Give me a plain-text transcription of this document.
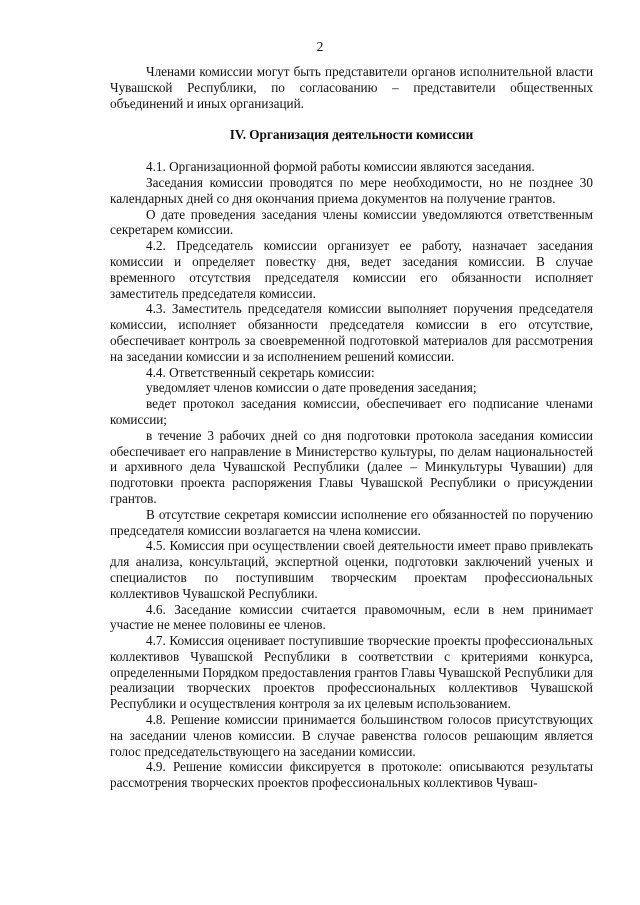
2

Членами комиссии могут быть представители органов исполнительной власти Чувашской Республики, по согласованию – представители общественных объединений и иных организаций.

IV. Организация деятельности комиссии

4.1. Организационной формой работы комиссии являются заседания.

Заседания комиссии проводятся по мере необходимости, но не позднее 30 календарных дней со дня окончания приема документов на получение грантов.

О дате проведения заседания члены комиссии уведомляются ответственным секретарем комиссии.

4.2. Председатель комиссии организует ее работу, назначает заседания комиссии и определяет повестку дня, ведет заседания комиссии. В случае временного отсутствия председателя комиссии его обязанности исполняет заместитель председателя комиссии.

4.3. Заместитель председателя комиссии выполняет поручения председателя комиссии, исполняет обязанности председателя комиссии в его отсутствие, обеспечивает контроль за своевременной подготовкой материалов для рассмотрения на заседании комиссии и за исполнением решений комиссии.

4.4. Ответственный секретарь комиссии:

уведомляет членов комиссии о дате проведения заседания;

ведет протокол заседания комиссии, обеспечивает его подписание членами комиссии;

в течение 3 рабочих дней со дня подготовки протокола заседания комиссии обеспечивает его направление в Министерство культуры, по делам национальностей и архивного дела Чувашской Республики (далее – Минкультуры Чувашии) для подготовки проекта распоряжения Главы Чувашской Республики о присуждении грантов.

В отсутствие секретаря комиссии исполнение его обязанностей по поручению председателя комиссии возлагается на члена комиссии.

4.5. Комиссия при осуществлении своей деятельности имеет право привлекать для анализа, консультаций, экспертной оценки, подготовки заключений ученых и специалистов по поступившим творческим проектам профессиональных коллективов Чувашской Республики.

4.6. Заседание комиссии считается правомочным, если в нем принимает участие не менее половины ее членов.

4.7. Комиссия оценивает поступившие творческие проекты профессиональных коллективов Чувашской Республики в соответствии с критериями конкурса, определенными Порядком предоставления грантов Главы Чувашской Республики для реализации творческих проектов профессиональных коллективов Чувашской Республики и осуществления контроля за их целевым использованием.

4.8. Решение комиссии принимается большинством голосов присутствующих на заседании членов комиссии. В случае равенства голосов решающим является голос председательствующего на заседании комиссии.

4.9. Решение комиссии фиксируется в протоколе: описываются результаты рассмотрения творческих проектов профессиональных коллективов Чуваш-
